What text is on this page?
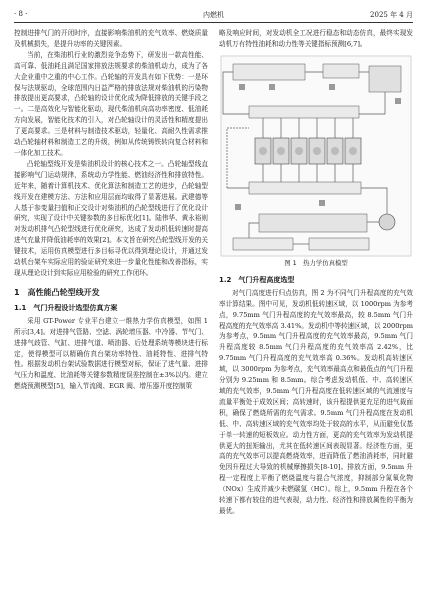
· 8 ·	内燃机	2025 年 4 月

控制进排气门的开闭时序，直接影响柴油机的充气效率、燃烧质量及机械损失，是提升功率的关键因素。

当前，在柴油机行业的激烈竞争态势下，研发出一款高性能、高可靠、低油耗且满足国家排放法规要求的柴油机动力，成为了各大企业重中之重的中心工作。凸轮轴的开发具有如下优势：一是环保与法规驱动，全球范围内日益严格的排放法规对柴油机的污染物排放提出更高要求，凸轮轴的设计优化成为降低排放的关键手段之一。二是高效化与智能化驱动，现代柴油机向高功率密度、低油耗方向发展，智能化技术的引入，对凸轮轴设计的灵活性和精度提出了更高要求。三是材料与制造技术驱动，轻量化、高耐久性需求推动凸轮轴材料和制造工艺的升级，例如从传统铸铁转向复合材料和一体化加工技术。

凸轮轴型线开发是柴油机设计的核心技术之一。凸轮轴型线直接影响气门运动规律，系统动力学性能、燃油经济性和排放特性。近年来，随着计算机技术、优化算法和制造工艺的进步，凸轮轴型线开发在建模方法、方法和应用层面均取得了显著进展。武建德等人基于参变量扫值和正交设计对柴油机的凸轮型线进行了优化设计研究，实现了设计中关键参数的多目标优化[1]。陆伟华、黄永裕则对发动机排气凸轮型线进行优化研究，达成了发动机低转速时提高进气充量并降低油耗率的效果[2]。本文旨在研究凸轮型线开发的关键技术，运用仿真模型进行多目标寻优以得到理论设计，并通过发动机台架车实际应用的验证研究来进一步量化性能和改善指标，实现从理论设计到实际应用检验的研究工作闭环。

1　高性能凸轮型线开发
1.1　气门升程设计选型仿真方案

采用 GT-Power 专业平台建立一维热力学仿真模型，如图 1 所示[3,4]。对进排气管路、空滤、涡轮增压器、中冷器、节气门、进排气歧管、气缸、进排气道、喷油器、后处理系统等模块进行标定，使得模型可以精确仿真台架功率特性、油耗特性、进排气特性。根据发动机台架试验数据进行模型对标，保证了进气量、进排气压力和温度、比油耗等关键参数精度误差控制在±3%以内。建立燃烧预测模型[5]，输入节流阀、EGR 阀、增压器开度控制策

略及响应时间，对发动机全工况进行稳态和动态仿真，最终实现发动机万有特性油耗和动力性等关键指标预测[6,7]。

图 1　热力学仿真模型
1.2　气门升程高度选型

对气门高度进行归点仿真，图 2 为不同气门升程高度的充气效率计算结果。图中可见，发动机低转速区域，以 1000rpm 为参考点，9.75mm 气门升程高度的充气效率最高，较 8.5mm 气门升程高度的充气效率高 3.41%。发动机中等转速区域，以 2000rpm 为参考点，9.5mm 气门升程高度的充气效率最高，9.5mm 气门升程高度较 8.5mm 气门升程高度的充气效率高 2.42%，比 9.75mm 气门升程高度的充气效率高 0.36%。发动机高转速区域，以 3000rpm 为参考点，充气效率最高点和最低点的气门升程分别为 9.25mm 和 8.5mm。综合考虑发动机低、中、高转速区域的充气效率，9.5mm 气门升程高度在低转速区域的气流速度与流量平衡处于成效区间；高转速时，该升程提供更充足的进气裁面积，确保了燃烧所需的充气需求。9.5mm 气门升程高度在发动机低、中、高转速区域的充气效率均处于较高的水平，从而避免仅基于单一转速的短板效应。动力性方面，更高的充气效率为发动机提供更大的扭矩输出，尤其在低转速区间表现显著。经济性方面，更高的充气效率可以提高燃烧效率，进而降低了燃油消耗率，同时避免因升程过大导致的机械摩擦损失[8-10]。排放方面，9.5mm 升程一定程度上平衡了燃烧温度与混合气浓度，抑制部分氮氧化物（NOx）生成并减少未燃碳氢（HC）。综上，9.5mm 升程在各个转速下都有较佳的进气表现，动力性、经济性和排放属性的平衡为最优。
